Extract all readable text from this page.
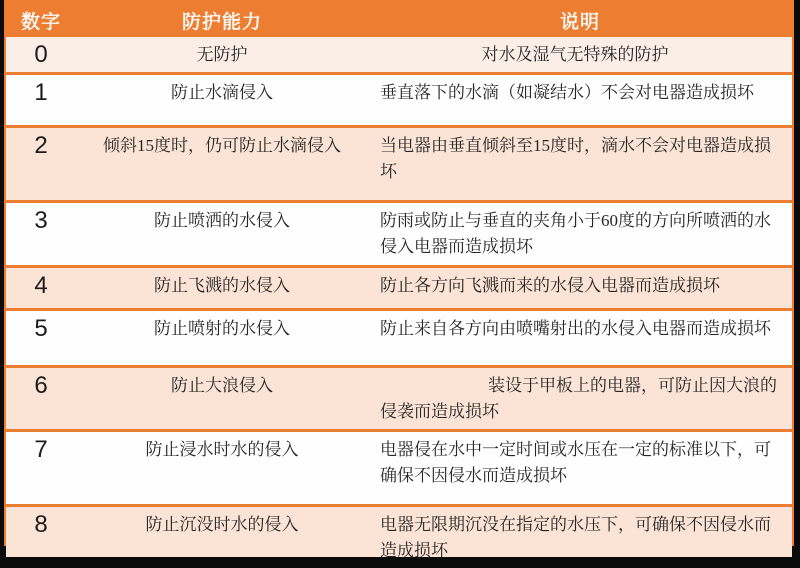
数字	防护能力	说明
0	无防护	对水及湿气无特殊的防护
1	防止水滴侵入	垂直落下的水滴（如凝结水）不会对电器造成损坏
2	倾斜15度时，仍可防止水滴侵入	当电器由垂直倾斜至15度时，滴水不会对电器造成损坏
3	防止喷洒的水侵入	防雨或防止与垂直的夹角小于60度的方向所喷洒的水侵入电器而造成损坏
4	防止飞溅的水侵入	防止各方向飞溅而来的水侵入电器而造成损坏
5	防止喷射的水侵入	防止来自各方向由喷嘴射出的水侵入电器而造成损坏
6	防止大浪侵入	装设于甲板上的电器，可防止因大浪的侵袭而造成损坏
7	防止浸水时水的侵入	电器侵在水中一定时间或水压在一定的标准以下，可确保不因侵水而造成损坏
8	防止沉没时水的侵入	电器无限期沉没在指定的水压下，可确保不因侵水而造成损坏
